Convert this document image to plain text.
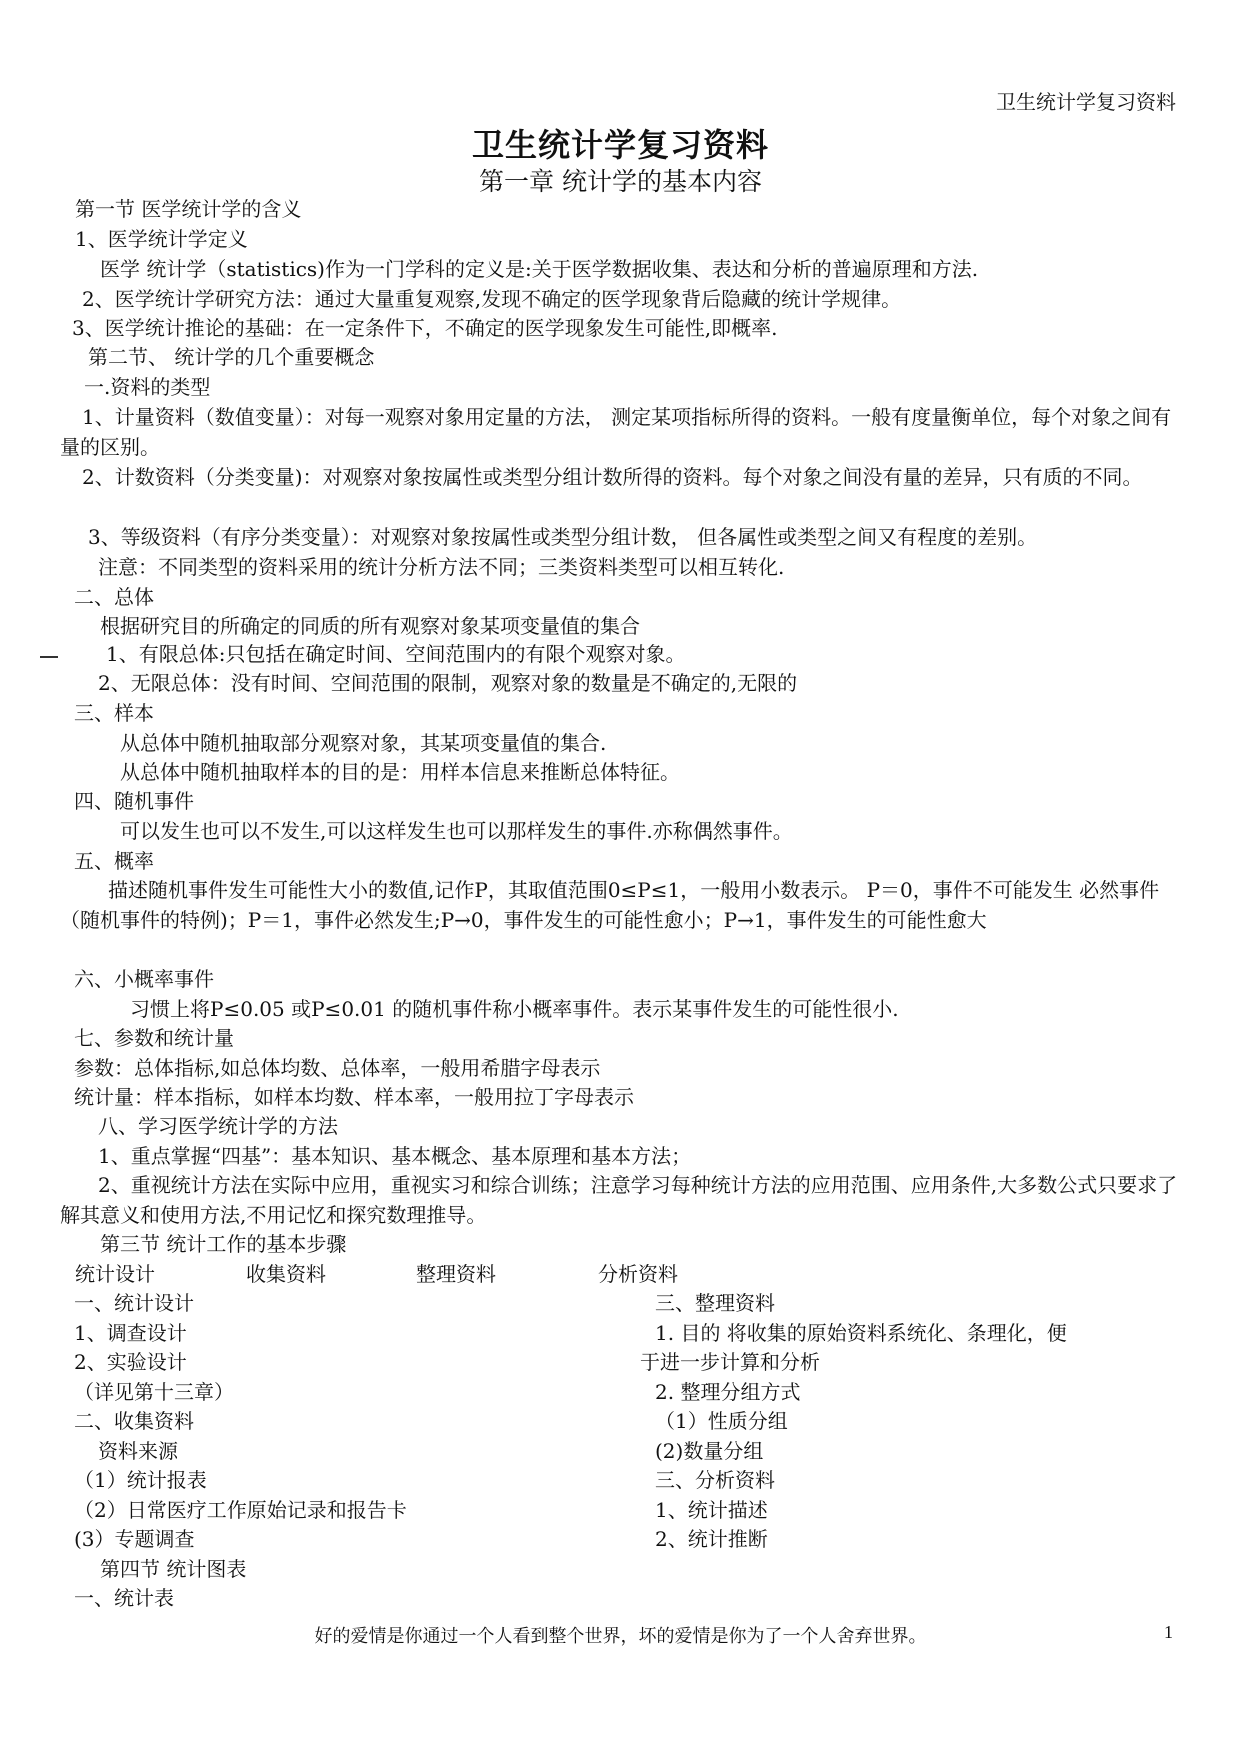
卫生统计学复习资料
卫生统计学复习资料
第一章 统计学的基本内容
第一节 医学统计学的含义
1、医学统计学定义
医学 统计学（statistics)作为一门学科的定义是:关于医学数据收集、表达和分析的普遍原理和方法.
2、医学统计学研究方法：通过大量重复观察,发现不确定的医学现象背后隐藏的统计学规律。
3、医学统计推论的基础：在一定条件下，不确定的医学现象发生可能性,即概率.
第二节、 统计学的几个重要概念
一.资料的类型
1、计量资料（数值变量）：对每一观察对象用定量的方法， 测定某项指标所得的资料。一般有度量衡单位，每个对象之间有量的区别。
2、计数资料（分类变量)：对观察对象按属性或类型分组计数所得的资料。每个对象之间没有量的差异，只有质的不同。
3、等级资料（有序分类变量）：对观察对象按属性或类型分组计数， 但各属性或类型之间又有程度的差别。
注意：不同类型的资料采用的统计分析方法不同；三类资料类型可以相互转化.
二、总体
根据研究目的所确定的同质的所有观察对象某项变量值的集合
1、有限总体:只包括在确定时间、空间范围内的有限个观察对象。
2、无限总体：没有时间、空间范围的限制，观察对象的数量是不确定的,无限的
三、样本
从总体中随机抽取部分观察对象，其某项变量值的集合.
从总体中随机抽取样本的目的是：用样本信息来推断总体特征。
四、随机事件
可以发生也可以不发生,可以这样发生也可以那样发生的事件.亦称偶然事件。
五、概率
描述随机事件发生可能性大小的数值,记作P，其取值范围0≤P≤1，一般用小数表示。 P＝0，事件不可能发生 必然事件（随机事件的特例)；P＝1，事件必然发生;P→0，事件发生的可能性愈小；P→1，事件发生的可能性愈大
六、小概率事件
习惯上将P≤0.05 或P≤0.01 的随机事件称小概率事件。表示某事件发生的可能性很小.
七、参数和统计量
参数：总体指标,如总体均数、总体率，一般用希腊字母表示
统计量：样本指标，如样本均数、样本率，一般用拉丁字母表示
八、学习医学统计学的方法
1、重点掌握“四基”：基本知识、基本概念、基本原理和基本方法；
2、重视统计方法在实际中应用，重视实习和综合训练；注意学习每种统计方法的应用范围、应用条件,大多数公式只要求了解其意义和使用方法,不用记忆和探究数理推导。
第三节 统计工作的基本步骤
统计设计	收集资料	整理资料	分析资料
一、统计设计
1、调查设计
2、实验设计
（详见第十三章）
二、收集资料
资料来源
（1）统计报表
（2）日常医疗工作原始记录和报告卡
(3）专题调查
三、整理资料
1. 目的 将收集的原始资料系统化、条理化，便
于进一步计算和分析
2. 整理分组方式
（1）性质分组
(2)数量分组
三、分析资料
1、统计描述
2、统计推断
第四节 统计图表
一、统计表
好的爱情是你通过一个人看到整个世界，坏的爱情是你为了一个人舍弃世界。	1
